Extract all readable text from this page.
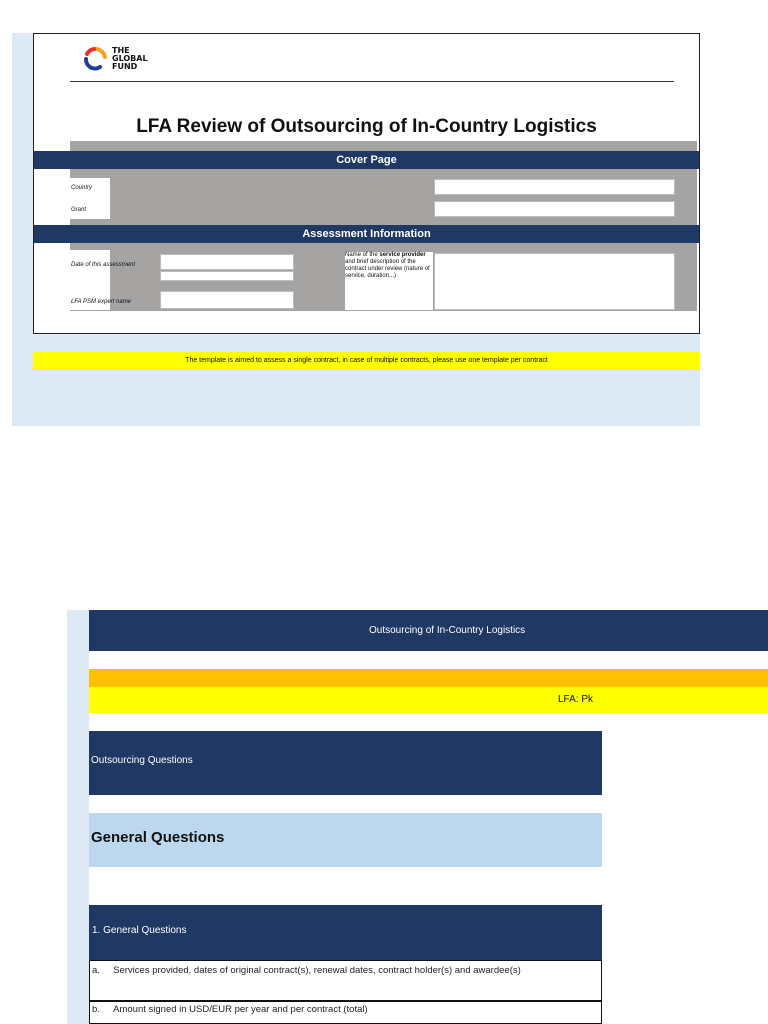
THE
GLOBAL
FUND
LFA Review of Outsourcing of In-Country Logistics
Cover Page
Country
Grant
Assessment Information
Date of this assessment
LFA PSM expert name
Name of the service provider and brief description of the contract under review (nature of service, duration...)
The template is aimed to assess a single contract, in case of multiple contracts, please use one template per contract
Outsourcing of In-Country Logistics
LFA: Pk
Outsourcing Questions
General Questions
1. General Questions
a. Services provided, dates of original contract(s), renewal dates, contract holder(s) and awardee(s)
b. Amount signed in USD/EUR per year and per contract (total)
